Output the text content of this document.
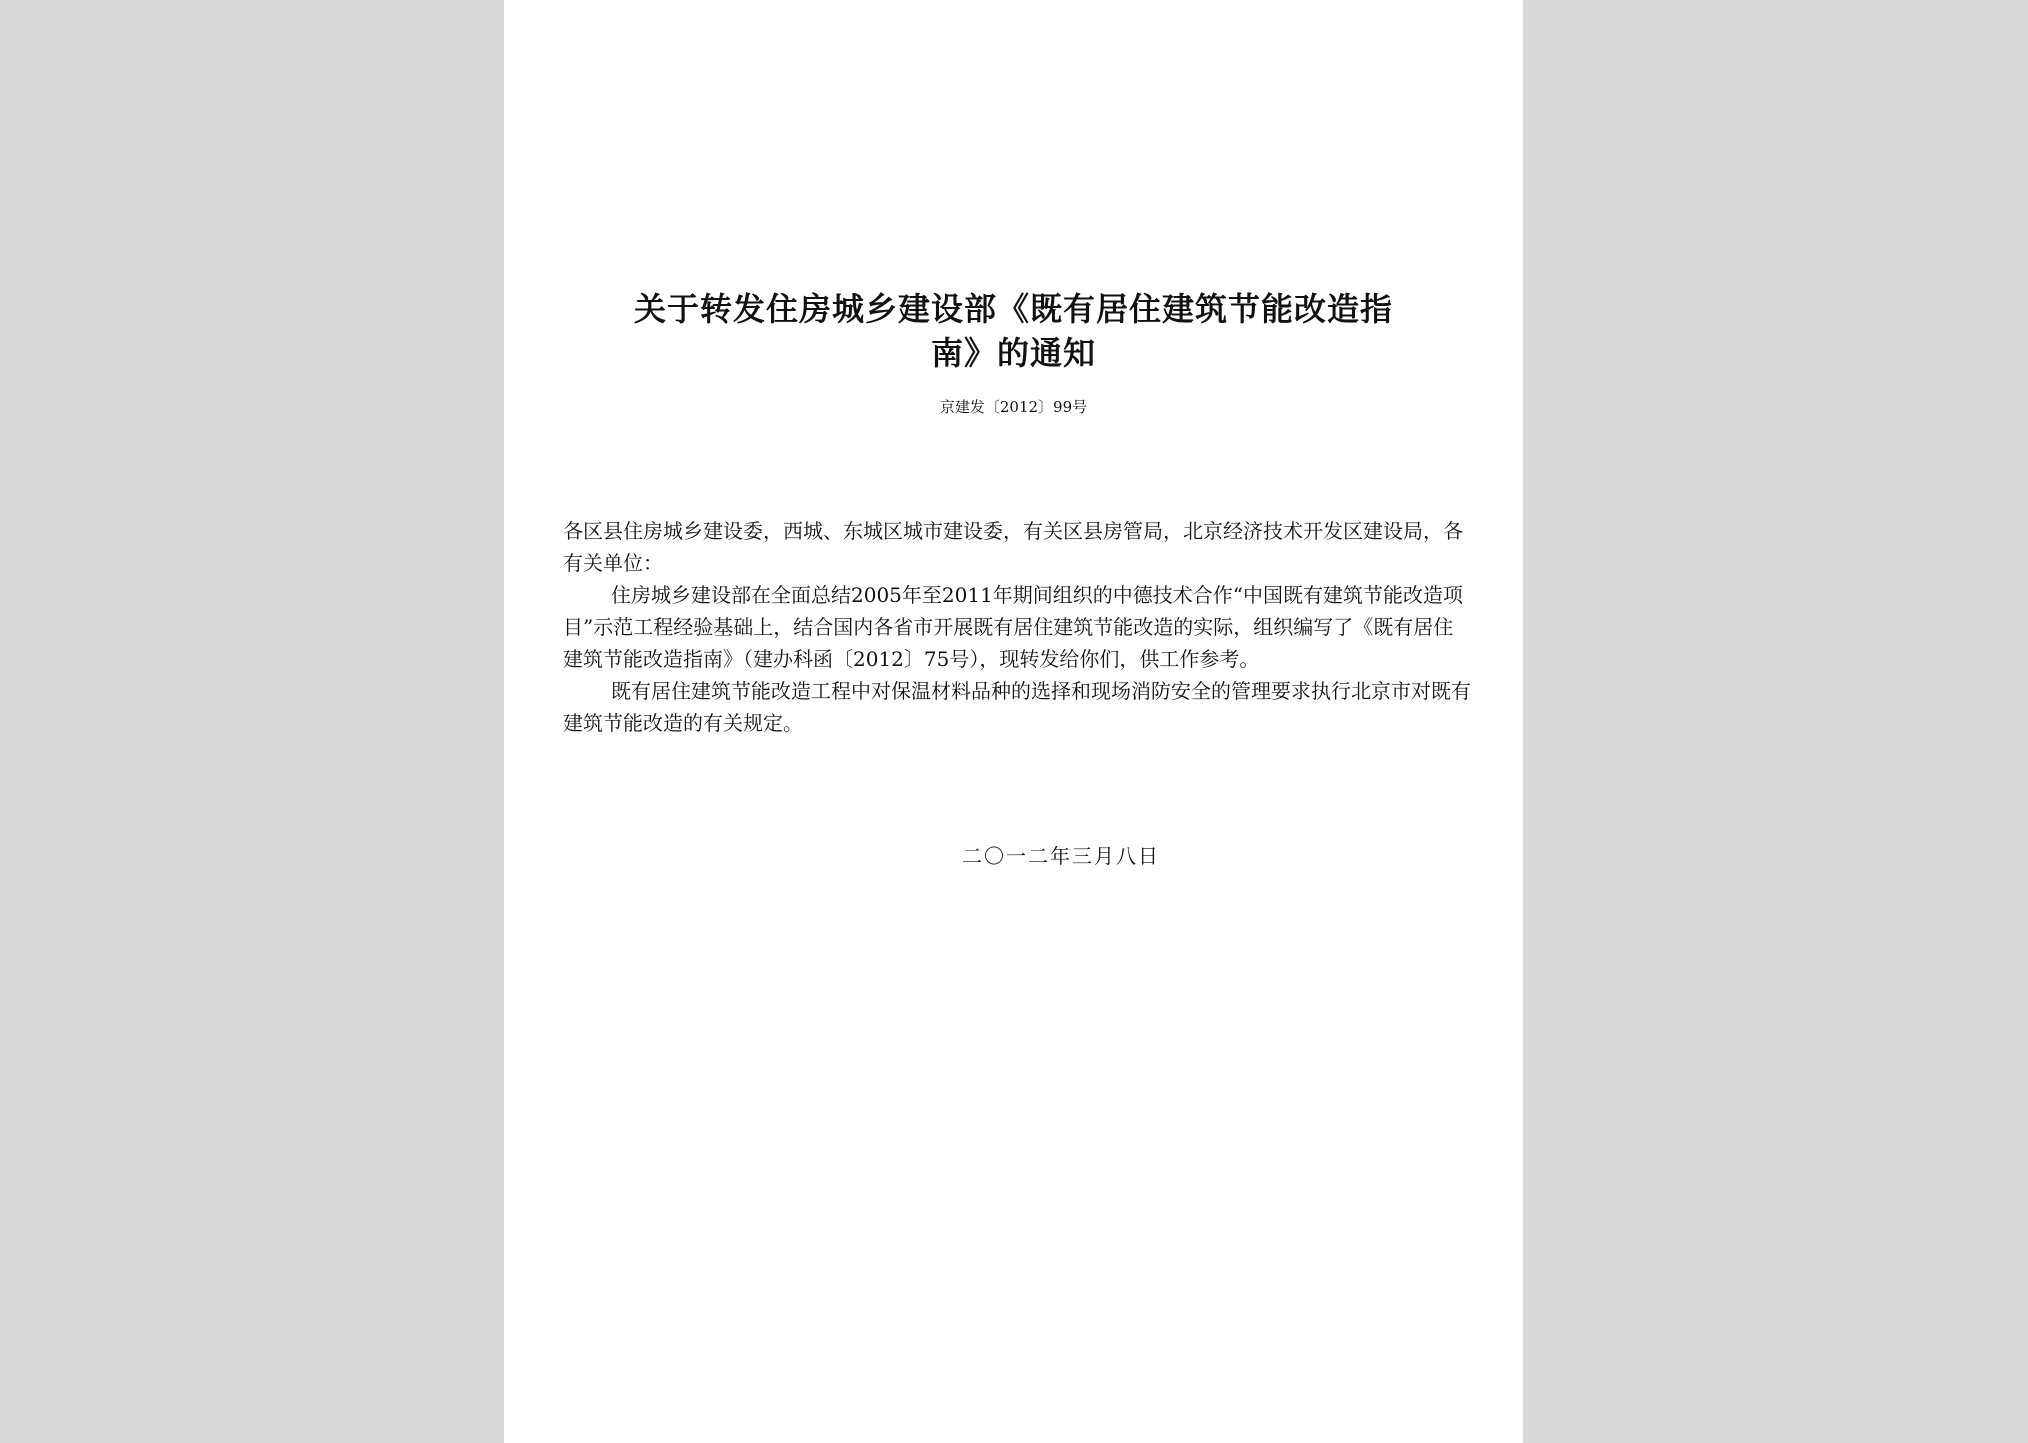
关于转发住房城乡建设部《既有居住建筑节能改造指
南》的通知
京建发〔2012〕99号

各区县住房城乡建设委，西城、东城区城市建设委，有关区县房管局，北京经济技术开发区建设局，各有关单位：

住房城乡建设部在全面总结2005年至2011年期间组织的中德技术合作“中国既有建筑节能改造项目”示范工程经验基础上，结合国内各省市开展既有居住建筑节能改造的实际，组织编写了《既有居住建筑节能改造指南》（建办科函〔2012〕75号），现转发给你们，供工作参考。

既有居住建筑节能改造工程中对保温材料品种的选择和现场消防安全的管理要求执行北京市对既有建筑节能改造的有关规定。

二〇一二年三月八日
